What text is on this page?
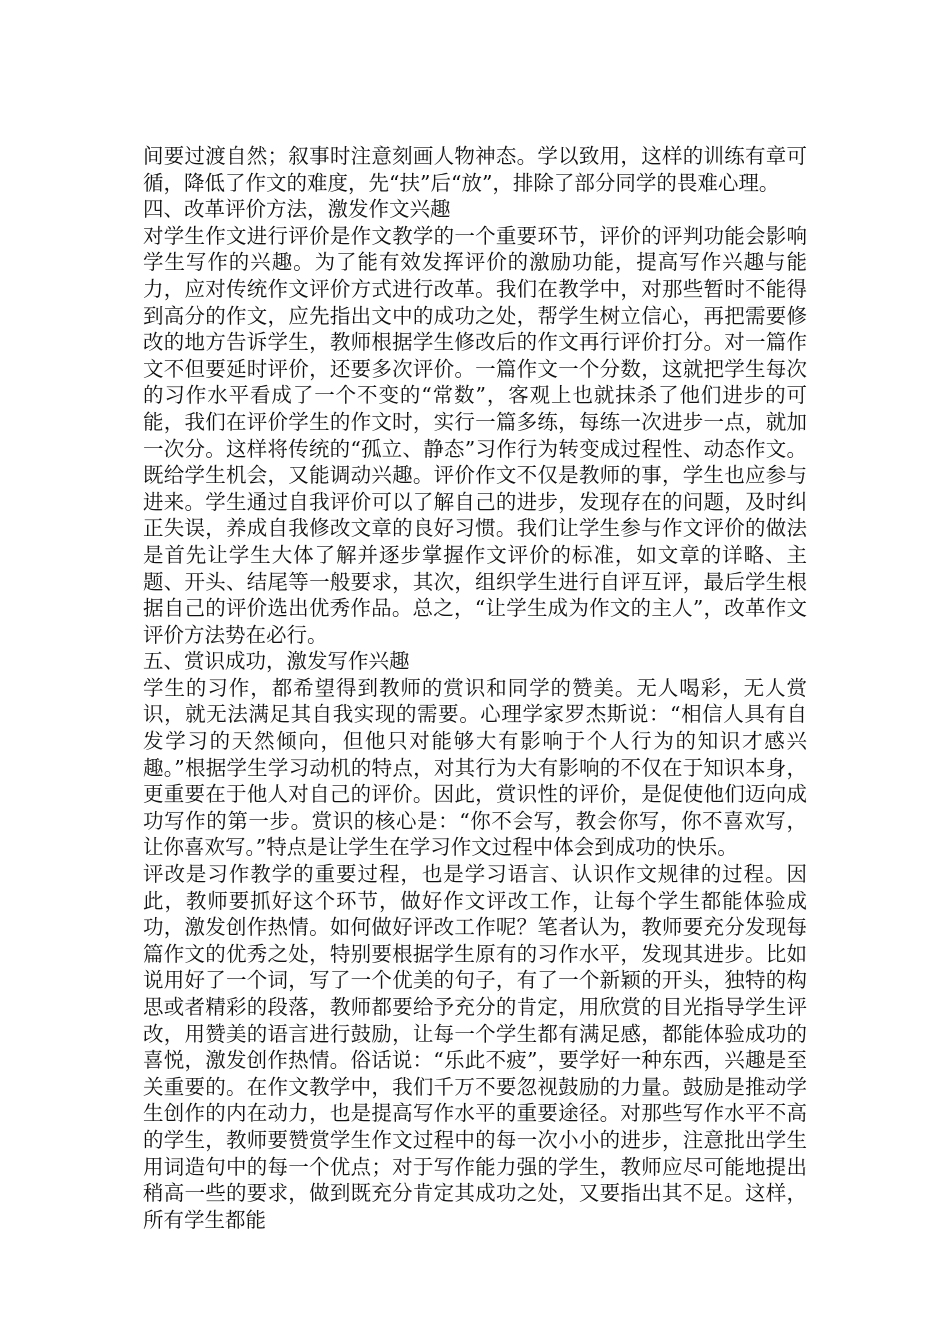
间要过渡自然；叙事时注意刻画人物神态。学以致用，这样的训练有章可循，降低了作文的难度，先“扶”后“放”，排除了部分同学的畏难心理。

四、改革评价方法，激发作文兴趣

对学生作文进行评价是作文教学的一个重要环节，评价的评判功能会影响学生写作的兴趣。为了能有效发挥评价的激励功能，提高写作兴趣与能力，应对传统作文评价方式进行改革。我们在教学中，对那些暂时不能得到高分的作文，应先指出文中的成功之处，帮学生树立信心，再把需要修改的地方告诉学生，教师根据学生修改后的作文再行评价打分。对一篇作文不但要延时评价，还要多次评价。一篇作文一个分数，这就把学生每次的习作水平看成了一个不变的“常数”，客观上也就抹杀了他们进步的可能，我们在评价学生的作文时，实行一篇多练，每练一次进步一点，就加一次分。这样将传统的“孤立、静态”习作行为转变成过程性、动态作文。既给学生机会，又能调动兴趣。评价作文不仅是教师的事，学生也应参与进来。学生通过自我评价可以了解自己的进步，发现存在的问题，及时纠正失误，养成自我修改文章的良好习惯。我们让学生参与作文评价的做法是首先让学生大体了解并逐步掌握作文评价的标准，如文章的详略、主题、开头、结尾等一般要求，其次，组织学生进行自评互评，最后学生根据自己的评价选出优秀作品。总之，“让学生成为作文的主人”，改革作文评价方法势在必行。

五、赏识成功，激发写作兴趣

学生的习作，都希望得到教师的赏识和同学的赞美。无人喝彩，无人赏识，就无法满足其自我实现的需要。心理学家罗杰斯说：“相信人具有自发学习的天然倾向，但他只对能够大有影响于个人行为的知识才感兴趣。”根据学生学习动机的特点，对其行为大有影响的不仅在于知识本身，更重要在于他人对自己的评价。因此，赏识性的评价，是促使他们迈向成功写作的第一步。赏识的核心是：“你不会写，教会你写，你不喜欢写，让你喜欢写。”特点是让学生在学习作文过程中体会到成功的快乐。

评改是习作教学的重要过程，也是学习语言、认识作文规律的过程。因此，教师要抓好这个环节，做好作文评改工作，让每个学生都能体验成功，激发创作热情。如何做好评改工作呢？笔者认为，教师要充分发现每篇作文的优秀之处，特别要根据学生原有的习作水平，发现其进步。比如说用好了一个词，写了一个优美的句子，有了一个新颖的开头，独特的构思或者精彩的段落，教师都要给予充分的肯定，用欣赏的目光指导学生评改，用赞美的语言进行鼓励，让每一个学生都有满足感，都能体验成功的喜悦，激发创作热情。俗话说：“乐此不疲”，要学好一种东西，兴趣是至关重要的。在作文教学中，我们千万不要忽视鼓励的力量。鼓励是推动学生创作的内在动力，也是提高写作水平的重要途径。对那些写作水平不高的学生，教师要赞赏学生作文过程中的每一次小小的进步，注意批出学生用词造句中的每一个优点；对于写作能力强的学生，教师应尽可能地提出稍高一些的要求，做到既充分肯定其成功之处，又要指出其不足。这样，所有学生都能
